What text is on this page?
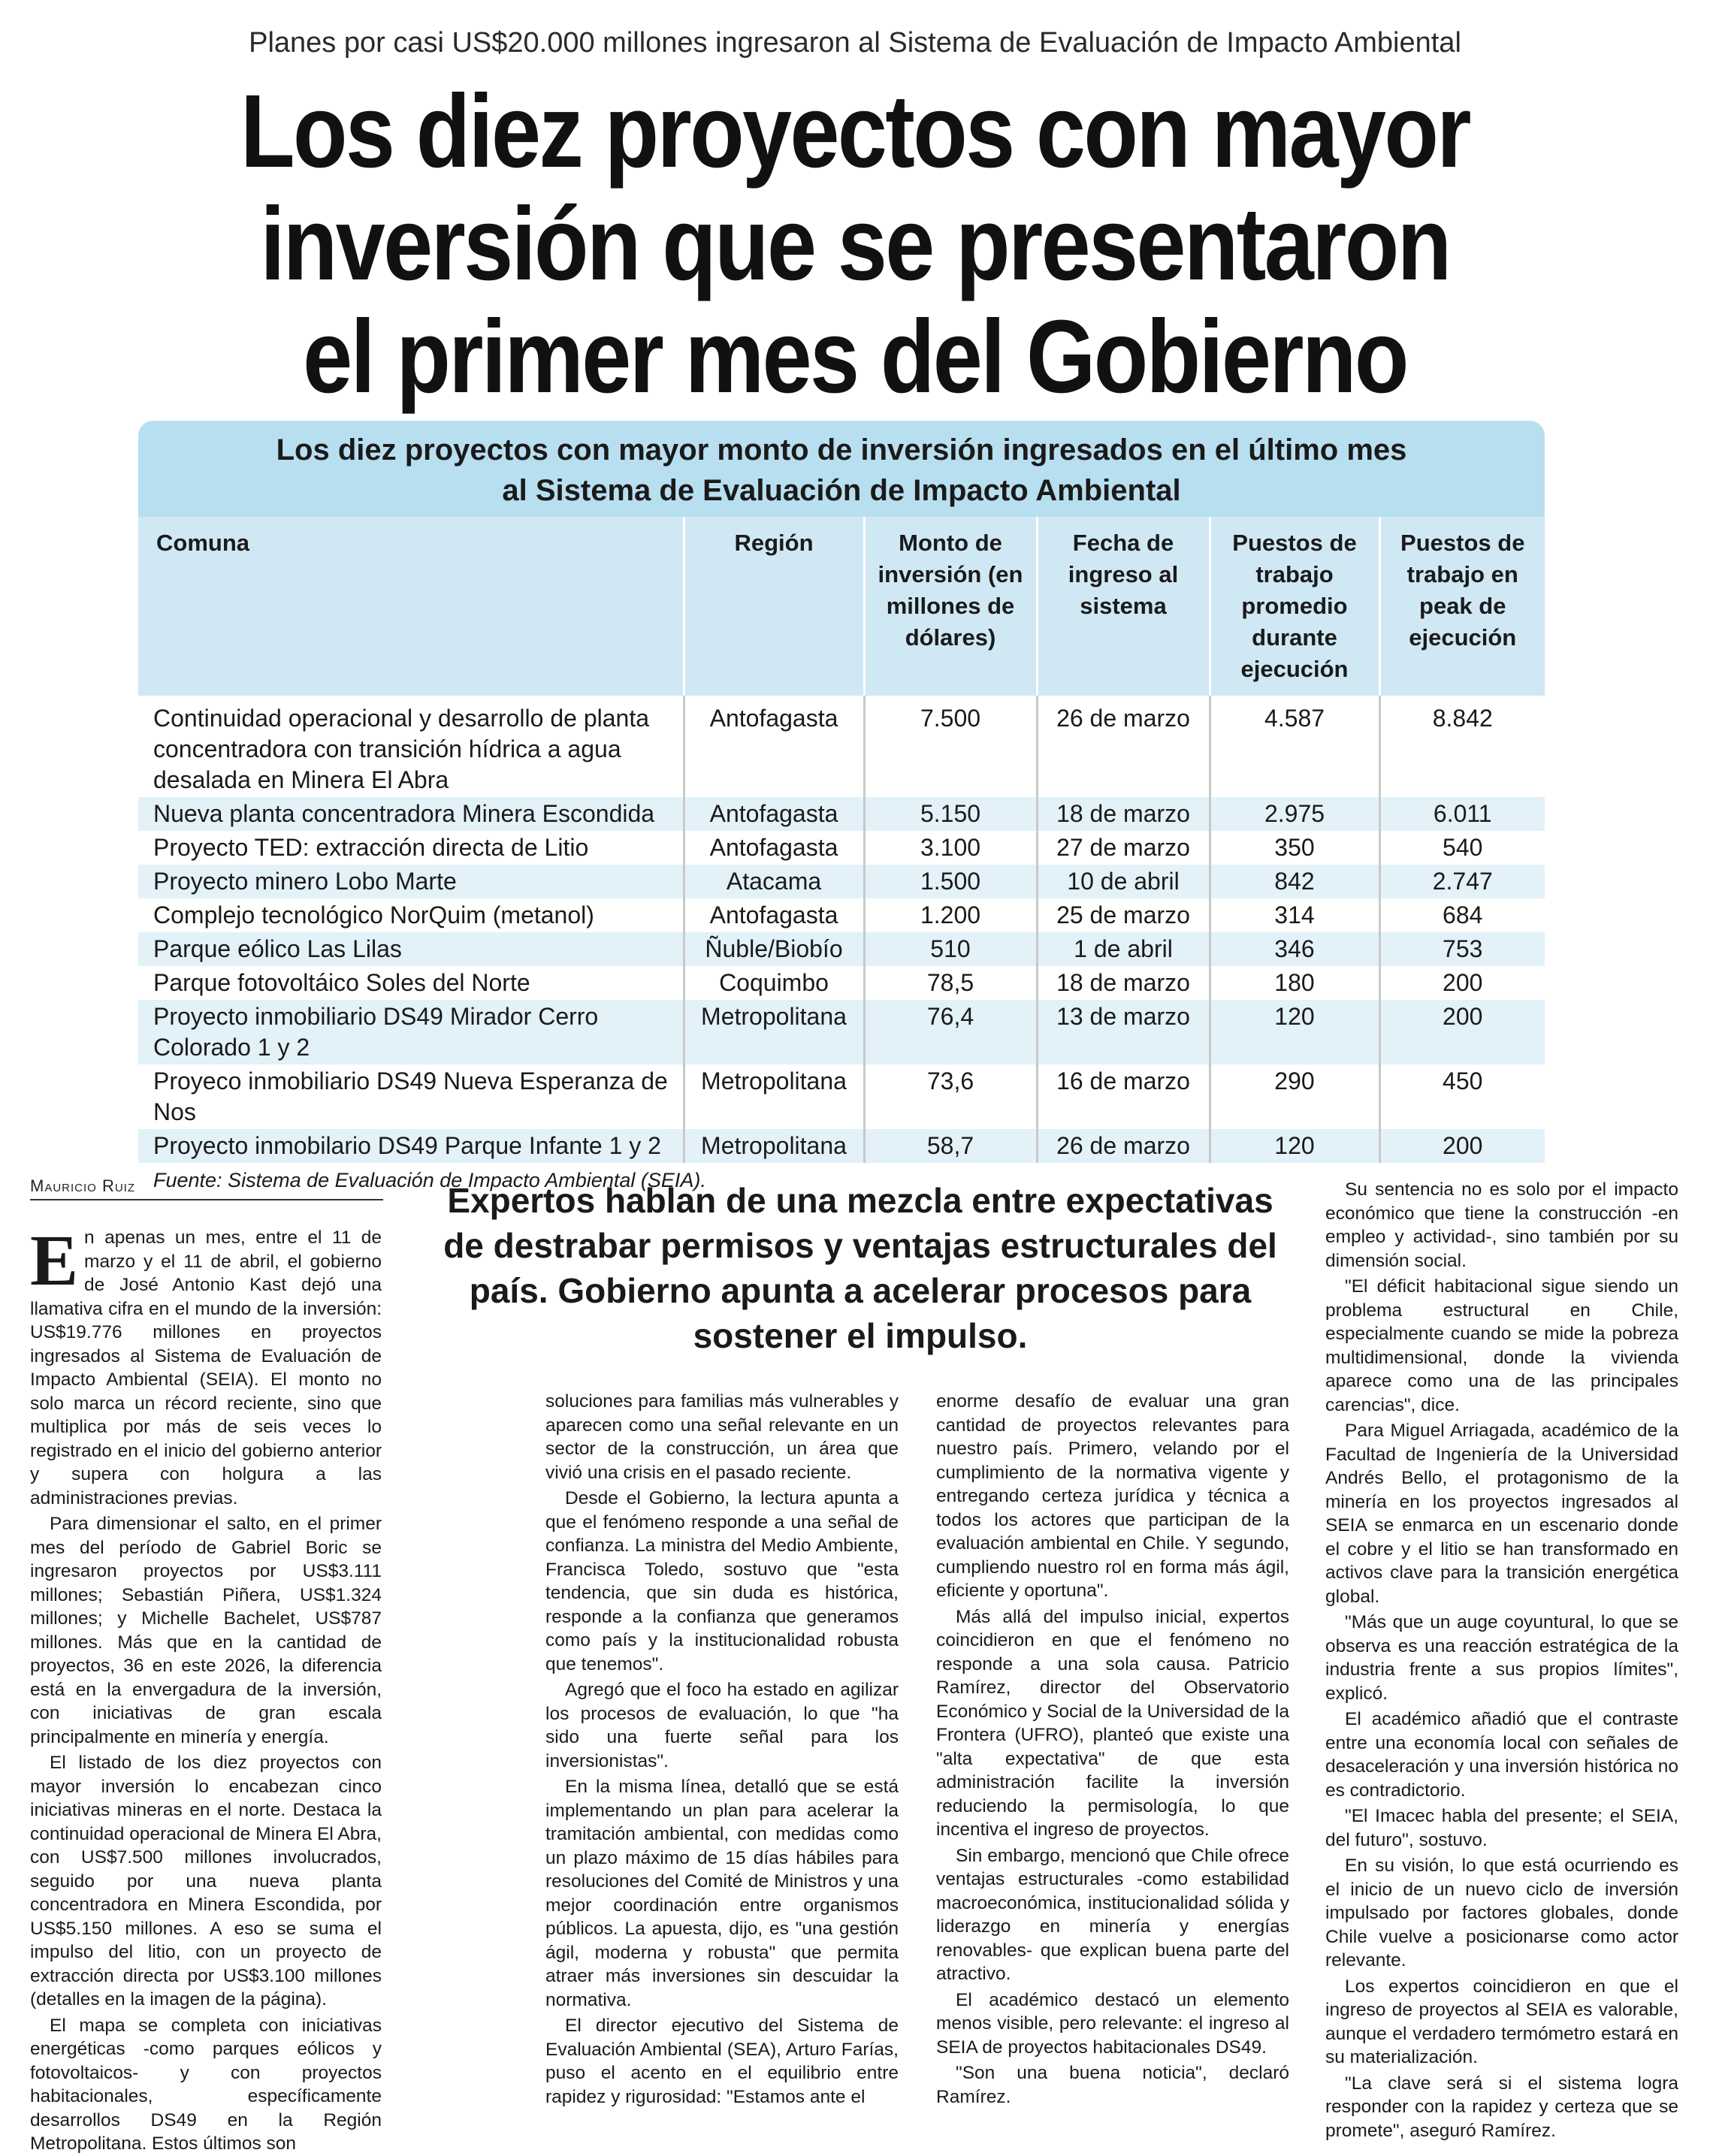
Planes por casi US$20.000 millones ingresaron al Sistema de Evaluación de Impacto Ambiental
Los diez proyectos con mayor inversión que se presentaron el primer mes del Gobierno
Los diez proyectos con mayor monto de inversión ingresados en el último mes
al Sistema de Evaluación de Impacto Ambiental
Comuna	Región	Monto de inversión (en millones de dólares)	Fecha de ingreso al sistema	Puestos de trabajo promedio durante ejecución	Puestos de trabajo en peak de ejecución
Continuidad operacional y desarrollo de planta concentradora con transición hídrica a agua desalada en Minera El Abra	Antofagasta	7.500	26 de marzo	4.587	8.842
Nueva planta concentradora Minera Escondida	Antofagasta	5.150	18 de marzo	2.975	6.011
Proyecto TED: extracción directa de Litio	Antofagasta	3.100	27 de marzo	350	540
Proyecto minero Lobo Marte	Atacama	1.500	10 de abril	842	2.747
Complejo tecnológico NorQuim (metanol)	Antofagasta	1.200	25 de marzo	314	684
Parque eólico Las Lilas	Ñuble/Biobío	510	1 de abril	346	753
Parque fotovoltáico Soles del Norte	Coquimbo	78,5	18 de marzo	180	200
Proyecto inmobiliario DS49 Mirador Cerro Colorado 1 y 2	Metropolitana	76,4	13 de marzo	120	200
Proyeco inmobiliario DS49 Nueva Esperanza de Nos	Metropolitana	73,6	16 de marzo	290	450
Proyecto inmobilario DS49 Parque Infante 1 y 2	Metropolitana	58,7	26 de marzo	120	200
Fuente: Sistema de Evaluación de Impacto Ambiental (SEIA).
Mauricio Ruiz	Expertos hablan de una mezcla entre expectativas de destrabar permisos y ventajas estructurales del país. Gobierno apunta a acelerar procesos para sostener el impulso.

En apenas un mes, entre el 11 de marzo y el 11 de abril, el gobierno de José Antonio Kast dejó una llamativa cifra en el mundo de la inversión: US$19.776 millones en proyectos ingresados al Sistema de Evaluación de Impacto Ambiental (SEIA). El monto no solo marca un récord reciente, sino que multiplica por más de seis veces lo registrado en el inicio del gobierno anterior y supera con holgura a las administraciones previas.

Para dimensionar el salto, en el primer mes del período de Gabriel Boric se ingresaron proyectos por US$3.111 millones; Sebastián Piñera, US$1.324 millones; y Michelle Bachelet, US$787 millones. Más que en la cantidad de proyectos, 36 en este 2026, la diferencia está en la envergadura de la inversión, con iniciativas de gran escala principalmente en minería y energía.

El listado de los diez proyectos con mayor inversión lo encabezan cinco iniciativas mineras en el norte. Destaca la continuidad operacional de Minera El Abra, con US$7.500 millones involucrados, seguido por una nueva planta concentradora en Minera Escondida, por US$5.150 millones. A eso se suma el impulso del litio, con un proyecto de extracción directa por US$3.100 millones (detalles en la imagen de la página).

El mapa se completa con iniciativas energéticas -como parques eólicos y fotovoltaicos- y con proyectos habitacionales, específicamente desarrollos DS49 en la Región Metropolitana. Estos últimos son

soluciones para familias más vulnerables y aparecen como una señal relevante en un sector de la construcción, un área que vivió una crisis en el pasado reciente.

Desde el Gobierno, la lectura apunta a que el fenómeno responde a una señal de confianza. La ministra del Medio Ambiente, Francisca Toledo, sostuvo que "esta tendencia, que sin duda es histórica, responde a la confianza que generamos como país y la institucionalidad robusta que tenemos".

Agregó que el foco ha estado en agilizar los procesos de evaluación, lo que "ha sido una fuerte señal para los inversionistas".

En la misma línea, detalló que se está implementando un plan para acelerar la tramitación ambiental, con medidas como un plazo máximo de 15 días hábiles para resoluciones del Comité de Ministros y una mejor coordinación entre organismos públicos. La apuesta, dijo, es "una gestión ágil, moderna y robusta" que permita atraer más inversiones sin descuidar la normativa.

El director ejecutivo del Sistema de Evaluación Ambiental (SEA), Arturo Farías, puso el acento en el equilibrio entre rapidez y rigurosidad: "Estamos ante el

enorme desafío de evaluar una gran cantidad de proyectos relevantes para nuestro país. Primero, velando por el cumplimiento de la normativa vigente y entregando certeza jurídica y técnica a todos los actores que participan de la evaluación ambiental en Chile. Y segundo, cumpliendo nuestro rol en forma más ágil, eficiente y oportuna".

Más allá del impulso inicial, expertos coincidieron en que el fenómeno no responde a una sola causa. Patricio Ramírez, director del Observatorio Económico y Social de la Universidad de la Frontera (UFRO), planteó que existe una "alta expectativa" de que esta administración facilite la inversión reduciendo la permisología, lo que incentiva el ingreso de proyectos.

Sin embargo, mencionó que Chile ofrece ventajas estructurales -como estabilidad macroeconómica, institucionalidad sólida y liderazgo en minería y energías renovables- que explican buena parte del atractivo.

El académico destacó un elemento menos visible, pero relevante: el ingreso al SEIA de proyectos habitacionales DS49.

"Son una buena noticia", declaró Ramírez.

Su sentencia no es solo por el impacto económico que tiene la construcción -en empleo y actividad-, sino también por su dimensión social.

"El déficit habitacional sigue siendo un problema estructural en Chile, especialmente cuando se mide la pobreza multidimensional, donde la vivienda aparece como una de las principales carencias", dice.

Para Miguel Arriagada, académico de la Facultad de Ingeniería de la Universidad Andrés Bello, el protagonismo de la minería en los proyectos ingresados al SEIA se enmarca en un escenario donde el cobre y el litio se han transformado en activos clave para la transición energética global.

"Más que un auge coyuntural, lo que se observa es una reacción estratégica de la industria frente a sus propios límites", explicó.

El académico añadió que el contraste entre una economía local con señales de desaceleración y una inversión histórica no es contradictorio.

"El Imacec habla del presente; el SEIA, del futuro", sostuvo.

En su visión, lo que está ocurriendo es el inicio de un nuevo ciclo de inversión impulsado por factores globales, donde Chile vuelve a posicionarse como actor relevante.

Los expertos coincidieron en que el ingreso de proyectos al SEIA es valorable, aunque el verdadero termómetro estará en su materialización.

"La clave será si el sistema logra responder con la rapidez y certeza que se promete", aseguró Ramírez.
